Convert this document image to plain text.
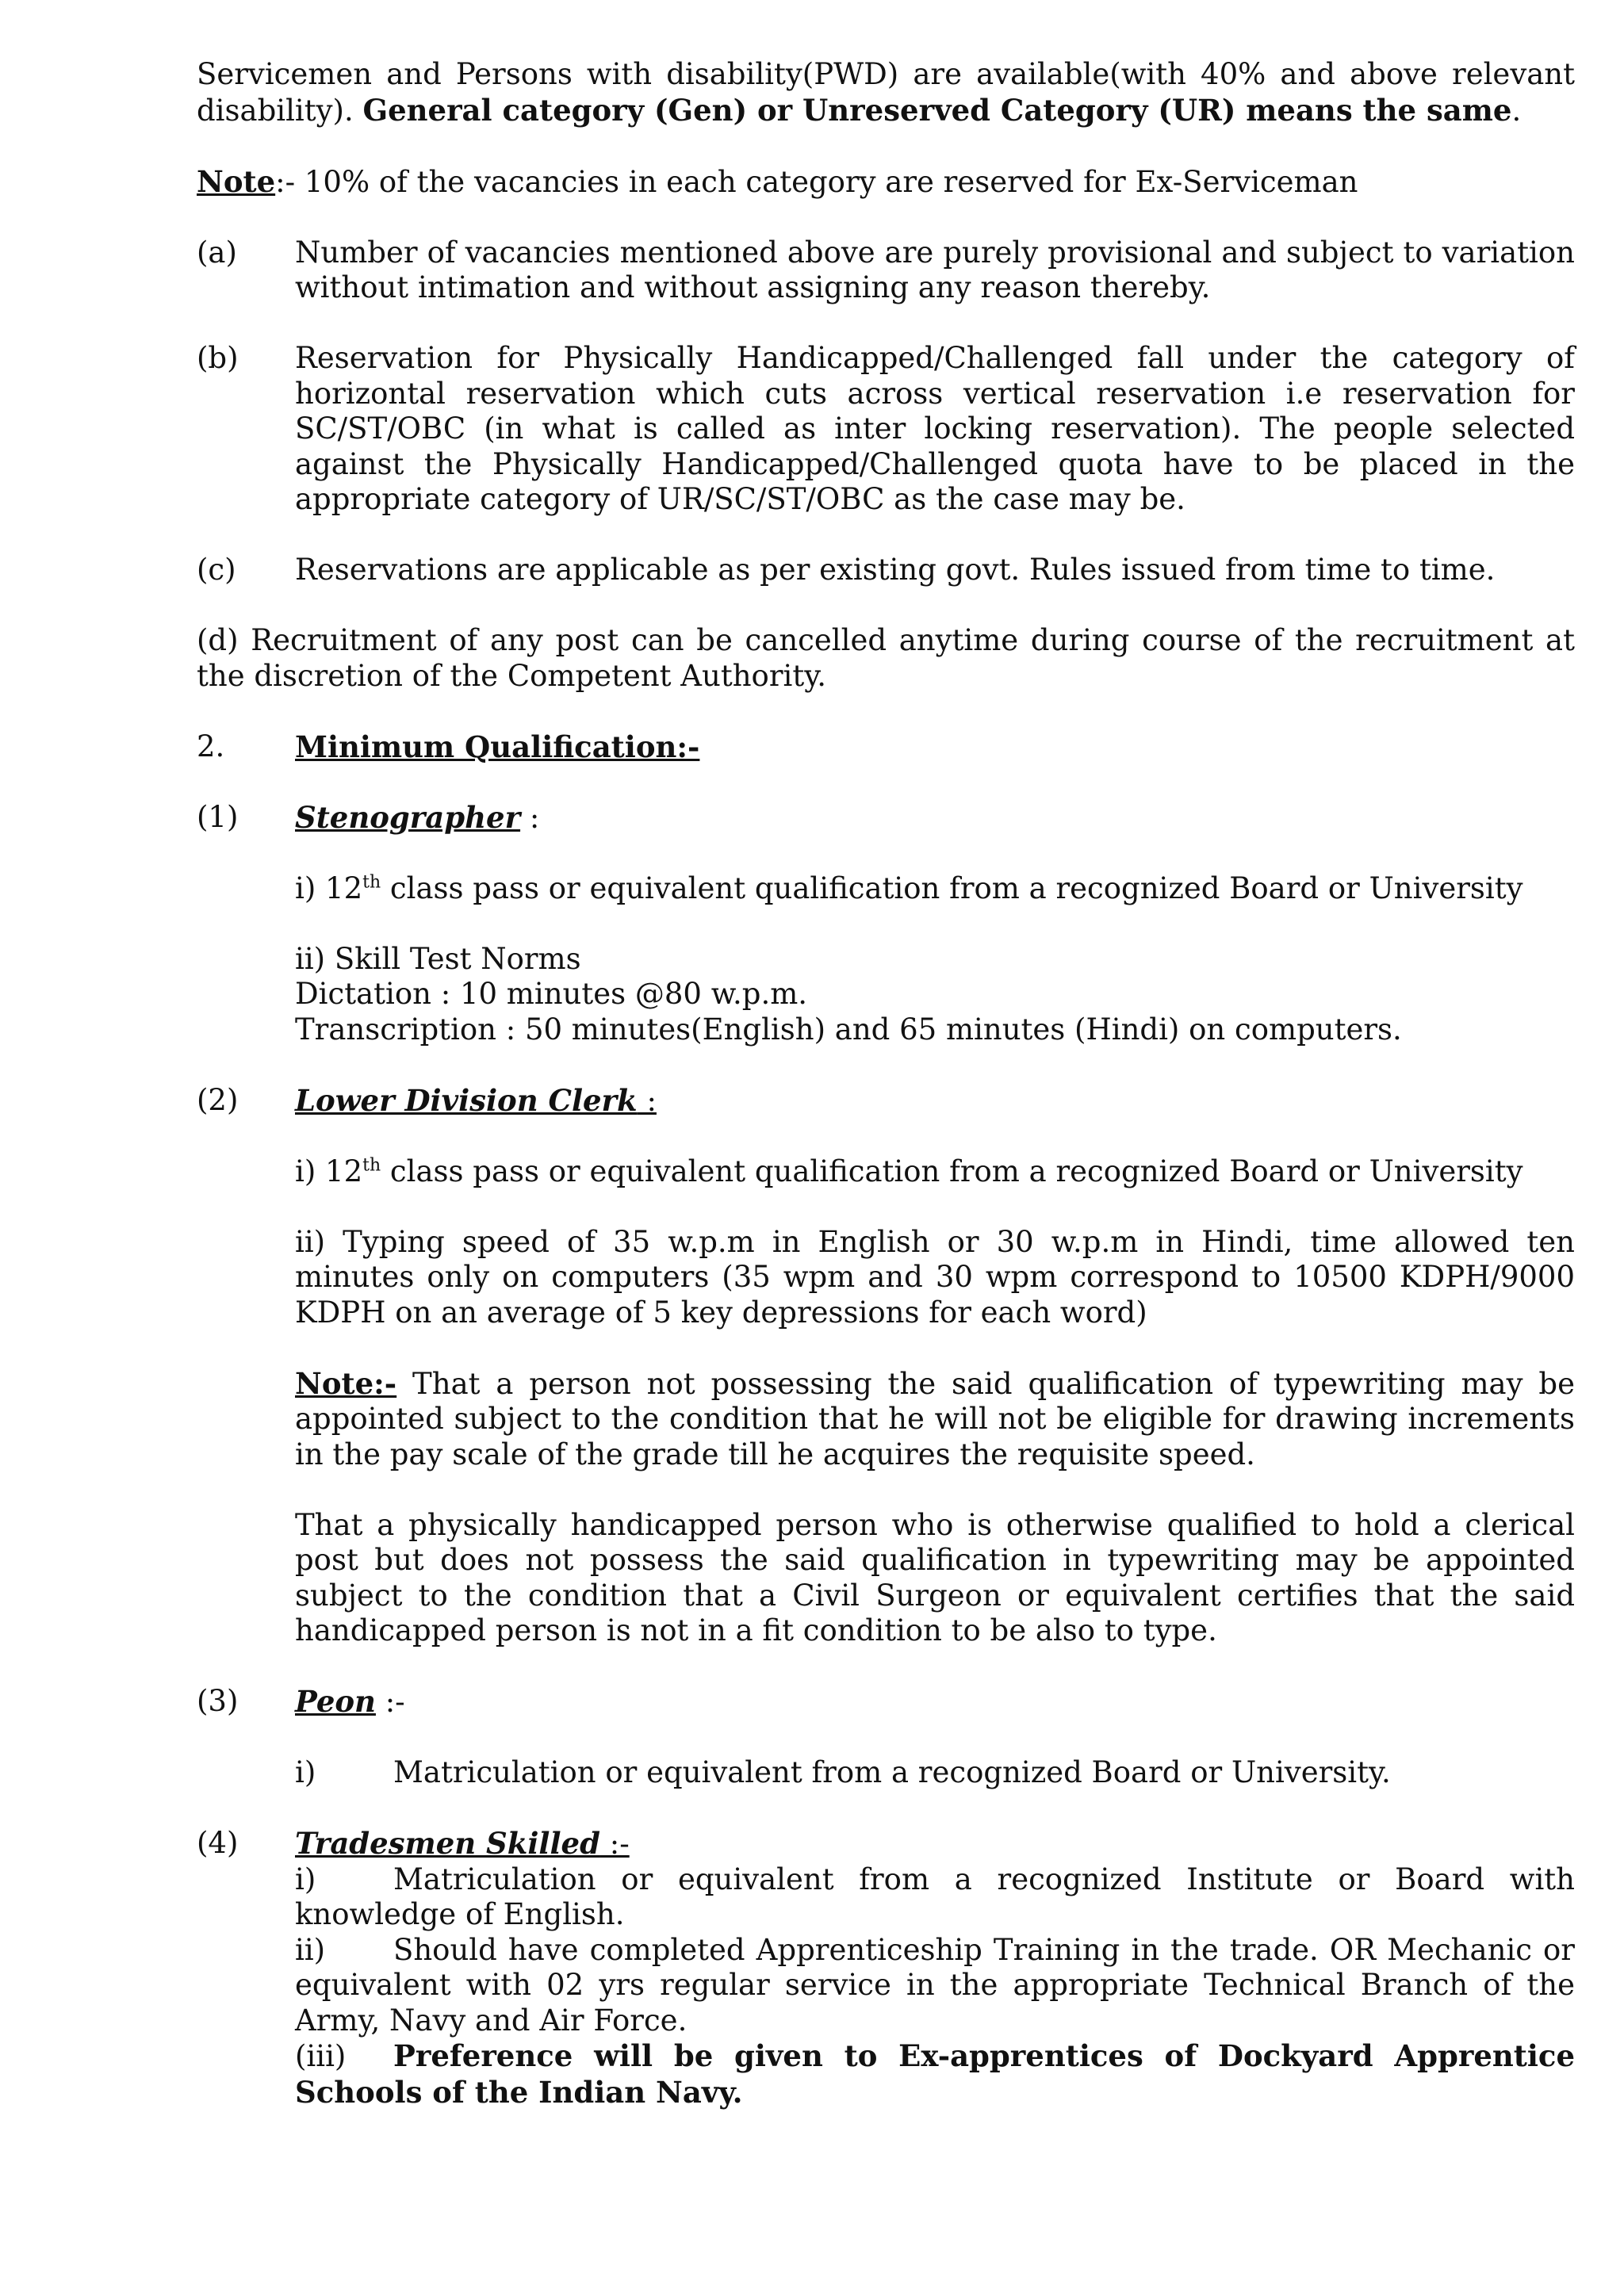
Servicemen and Persons with disability(PWD) are available(with 40% and above relevant disability). General category (Gen) or Unreserved Category (UR) means the same.

Note:- 10% of the vacancies in each category are reserved for Ex-Serviceman

(a)	Number of vacancies mentioned above are purely provisional and subject to variation without intimation and without assigning any reason thereby.
(b)	Reservation for Physically Handicapped/Challenged fall under the category of horizontal reservation which cuts across vertical reservation i.e reservation for SC/ST/OBC (in what is called as inter locking reservation). The people selected against the Physically Handicapped/Challenged quota have to be placed in the appropriate category of UR/SC/ST/OBC as the case may be.
(c)	Reservations are applicable as per existing govt. Rules issued from time to time.

(d) Recruitment of any post can be cancelled anytime during course of the recruitment at the discretion of the Competent Authority.

2.	Minimum Qualification:-
(1)	Stenographer :

i) 12th class pass or equivalent qualification from a recognized Board or University

ii) Skill Test Norms
Dictation : 10 minutes @80 w.p.m.
Transcription : 50 minutes(English) and 65 minutes (Hindi) on computers.
(2)	Lower Division Clerk :

i) 12th class pass or equivalent qualification from a recognized Board or University

ii) Typing speed of 35 w.p.m in English or 30 w.p.m in Hindi, time allowed ten minutes only on computers (35 wpm and 30 wpm correspond to 10500 KDPH/9000 KDPH on an average of 5 key depressions for each word)

Note:- That a person not possessing the said qualification of typewriting may be appointed subject to the condition that he will not be eligible for drawing increments in the pay scale of the grade till he acquires the requisite speed.

That a physically handicapped person who is otherwise qualified to hold a clerical post but does not possess the said qualification in typewriting may be appointed subject to the condition that a Civil Surgeon or equivalent certifies that the said handicapped person is not in a fit condition to be also to type.

(3)	Peon :-
i)	Matriculation or equivalent from a recognized Board or University.
(4)	Tradesmen Skilled :-
i)	Matriculation or equivalent from a recognized Institute or Board with knowledge of English.
ii) Should have completed Apprenticeship Training in the trade. OR Mechanic or equivalent with 02 yrs regular service in the appropriate Technical Branch of the Army, Navy and Air Force.
(iii) Preference will be given to Ex-apprentices of Dockyard Apprentice Schools of the Indian Navy.
